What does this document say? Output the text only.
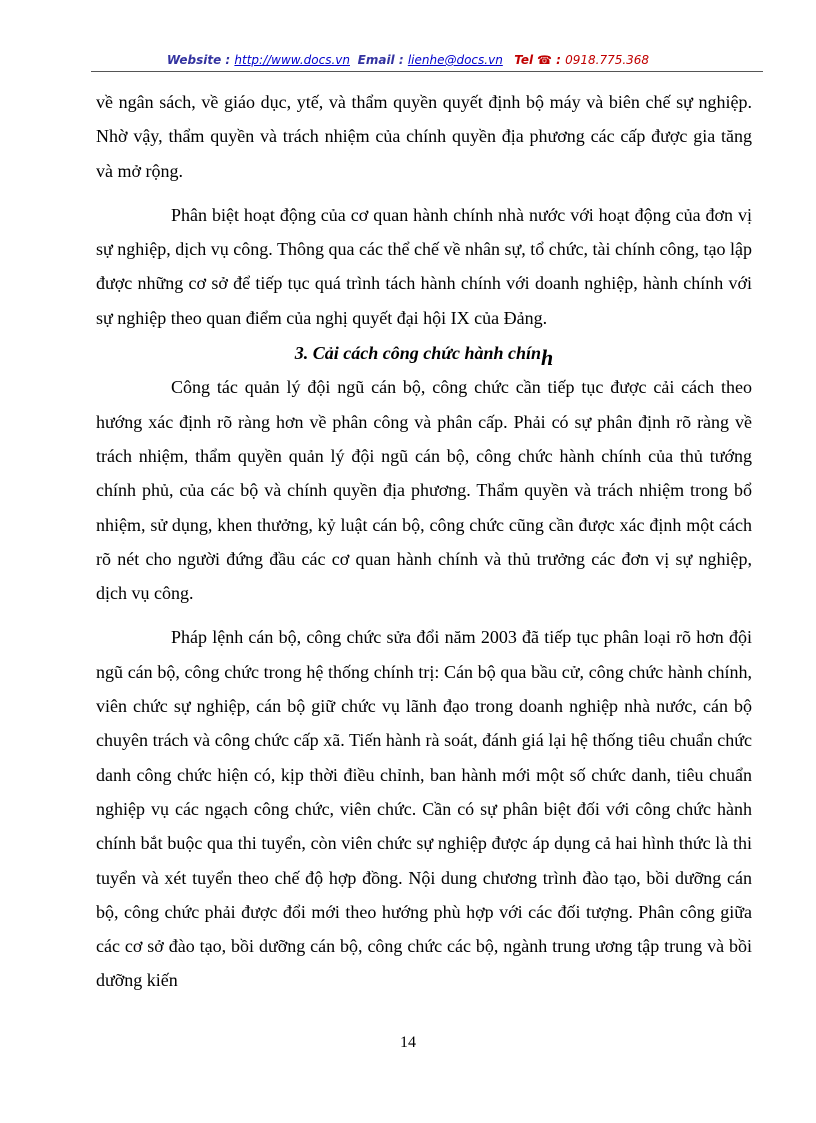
Website : http://www.docs.vn Email : lienhe@docs.vn Tel ☎ : 0918.775.368

về ngân sách, về giáo dục, ytế, và thẩm quyền quyết định bộ máy và biên chế sự nghiệp. Nhờ vậy, thẩm quyền và trách nhiệm của chính quyền địa phương các cấp được gia tăng và mở rộng.

Phân biệt hoạt động của cơ quan hành chính nhà nước với hoạt động của đơn vị sự nghiệp, dịch vụ công. Thông qua các thể chế về nhân sự, tổ chức, tài chính công, tạo lập được những cơ sở để tiếp tục quá trình tách hành chính với doanh nghiệp, hành chính với sự nghiệp theo quan điểm của nghị quyết đại hội IX của Đảng.

3. Cải cách công chức hành chính

Công tác quản lý đội ngũ cán bộ, công chức cần tiếp tục được cải cách theo hướng xác định rõ ràng hơn về phân công và phân cấp. Phải có sự phân định rõ ràng về trách nhiệm, thẩm quyền quản lý đội ngũ cán bộ, công chức hành chính của thủ tướng chính phủ, của các bộ và chính quyền địa phương. Thẩm quyền và trách nhiệm trong bổ nhiệm, sử dụng, khen thưởng, kỷ luật cán bộ, công chức cũng cần được xác định một cách rõ nét cho người đứng đầu các cơ quan hành chính và thủ trưởng các đơn vị sự nghiệp, dịch vụ công.

Pháp lệnh cán bộ, công chức sửa đổi năm 2003 đã tiếp tục phân loại rõ hơn đội ngũ cán bộ, công chức trong hệ thống chính trị: Cán bộ qua bầu cử, công chức hành chính, viên chức sự nghiệp, cán bộ giữ chức vụ lãnh đạo trong doanh nghiệp nhà nước, cán bộ chuyên trách và công chức cấp xã. Tiến hành rà soát, đánh giá lại hệ thống tiêu chuẩn chức danh công chức hiện có, kịp thời điều chỉnh, ban hành mới một số chức danh, tiêu chuẩn nghiệp vụ các ngạch công chức, viên chức. Cần có sự phân biệt đối với công chức hành chính bắt buộc qua thi tuyển, còn viên chức sự nghiệp được áp dụng cả hai hình thức là thi tuyển và xét tuyển theo chế độ hợp đồng. Nội dung chương trình đào tạo, bồi dưỡng cán bộ, công chức phải được đổi mới theo hướng phù hợp với các đối tượng. Phân công giữa các cơ sở đào tạo, bồi dưỡng cán bộ, công chức các bộ, ngành trung ương tập trung và bồi dưỡng kiến

14
